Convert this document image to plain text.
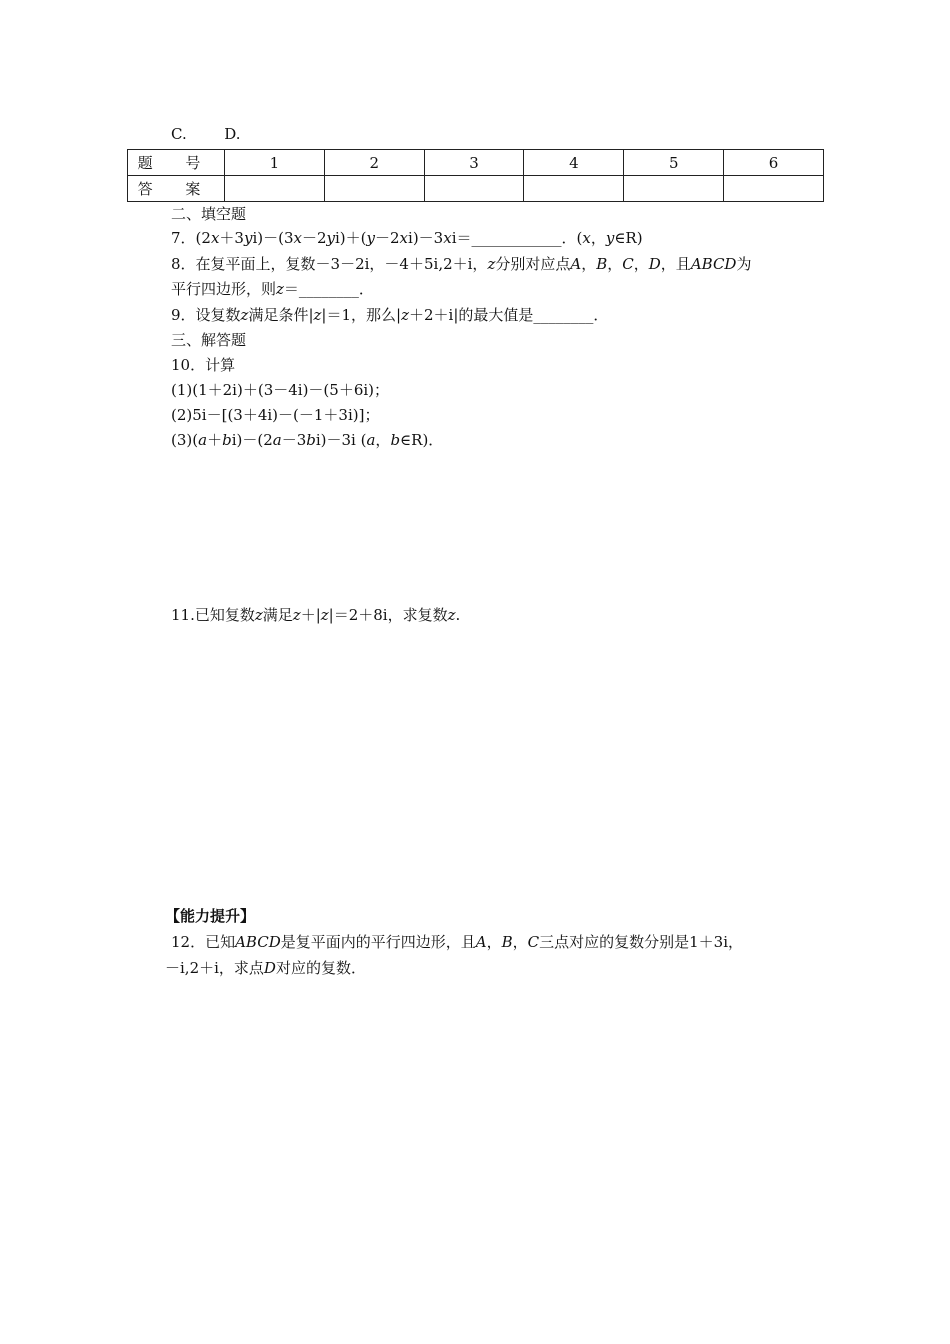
C.	D.
题 号	1	2	3	4	5	6
答 案						
二、填空题
7．(2x＋3yi)－(3x－2yi)＋(y－2xi)－3xi＝____________．(x，y∈R)
8．在复平面上，复数－3－2i，－4＋5i,2＋i，z分别对应点A，B，C，D，且ABCD为
平行四边形，则z＝________．
9．设复数z满足条件|z|＝1，那么|z＋2＋i|的最大值是________．
三、解答题
10．计算
(1)(1＋2i)＋(3－4i)－(5＋6i)；
(2)5i－[(3＋4i)－(－1＋3i)]；
(3)(a＋bi)－(2a－3bi)－3i (a，b∈R)．
11.已知复数z满足z＋|z|＝2＋8i，求复数z.
【能力提升】
12．已知ABCD是复平面内的平行四边形，且A，B，C三点对应的复数分别是1＋3i，
－i,2＋i，求点D对应的复数．
